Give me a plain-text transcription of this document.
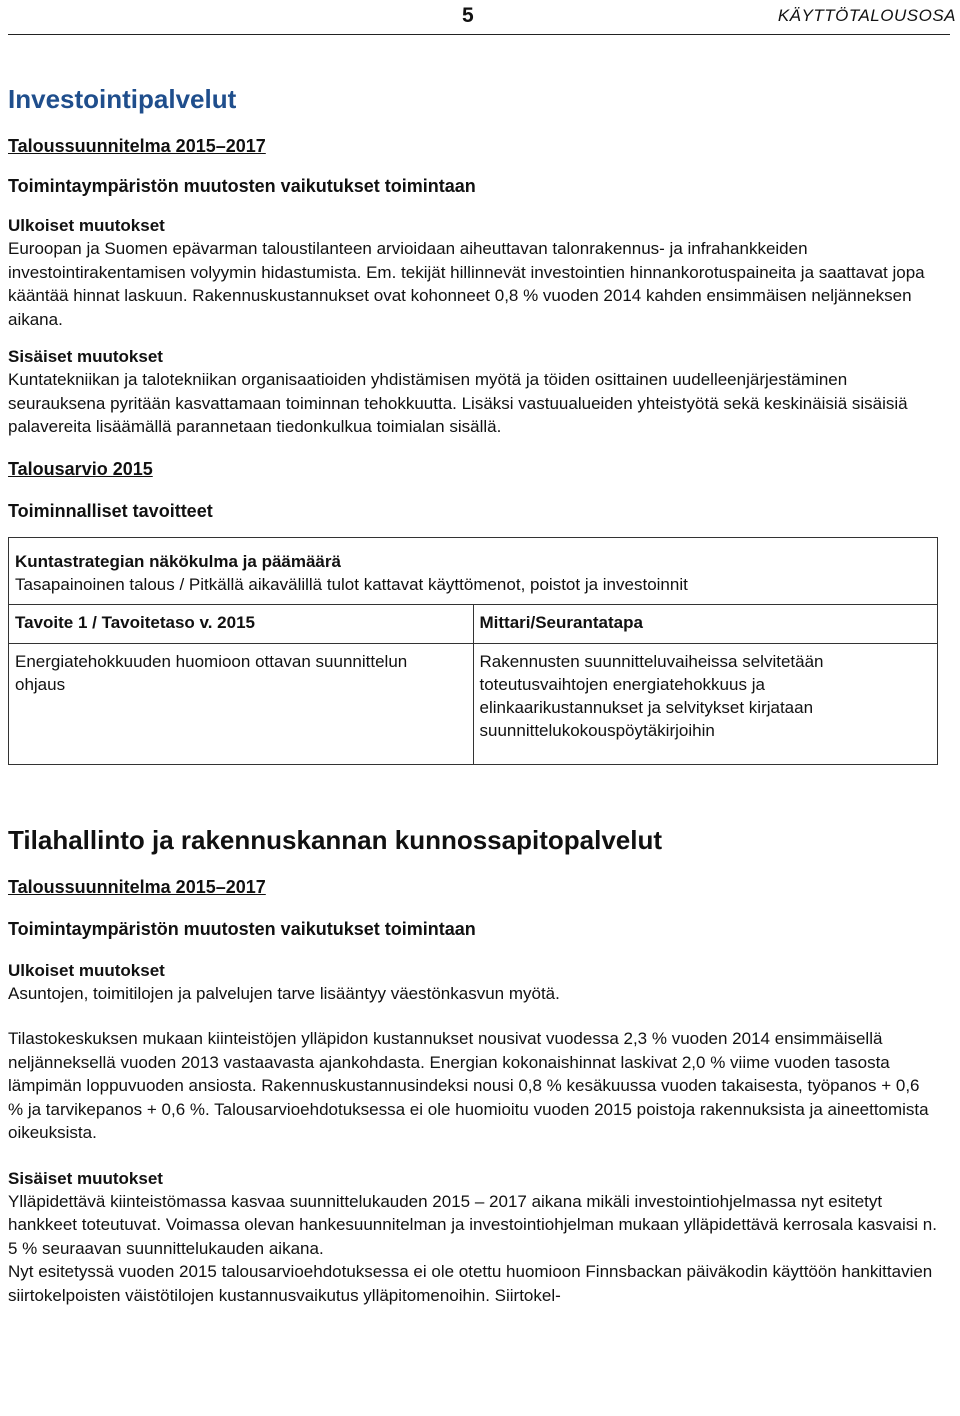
5	KÄYTTÖTALOUSOSA
Investointipalvelut
Taloussuunnitelma 2015–2017
Toimintaympäristön muutosten vaikutukset toimintaan
Ulkoiset muutokset

Euroopan ja Suomen epävarman taloustilanteen arvioidaan aiheuttavan talonrakennus- ja infrahankkeiden investointirakentamisen volyymin hidastumista. Em. tekijät hillinnevät investointien hinnankorotuspaineita ja saattavat jopa kääntää hinnat laskuun. Rakennuskustannukset ovat kohonneet 0,8 % vuoden 2014 kahden ensimmäisen neljänneksen aikana.

Sisäiset muutokset

Kuntatekniikan ja talotekniikan organisaatioiden yhdistämisen myötä ja töiden osittainen uudelleenjärjestäminen seurauksena pyritään kasvattamaan toiminnan tehokkuutta. Lisäksi vastuualueiden yhteistyötä sekä keskinäisiä sisäisiä palavereita lisäämällä parannetaan tiedonkulkua toimialan sisällä.

Talousarvio 2015
Toiminnalliset tavoitteet
Kuntastrategian näkökulma ja päämäärä
Tasapainoinen talous / Pitkällä aikavälillä tulot kattavat käyttömenot, poistot ja investoinnit	

Tavoite 1 / Tavoitetaso v. 2015	Mittari/Seurantatapa

Energiatehokkuuden huomioon ottavan suunnittelun ohjaus	Rakennusten suunnitteluvaiheissa selvitetään toteutusvaihtojen energiatehokkuus ja elinkaarikustannukset ja selvitykset kirjataan suunnittelukokouspöytäkirjoihin
Tilahallinto ja rakennuskannan kunnossapitopalvelut
Taloussuunnitelma 2015–2017
Toimintaympäristön muutosten vaikutukset toimintaan
Ulkoiset muutokset

Asuntojen, toimitilojen ja palvelujen tarve lisääntyy väestönkasvun myötä.

Tilastokeskuksen mukaan kiinteistöjen ylläpidon kustannukset nousivat vuodessa 2,3 % vuoden 2014 ensimmäisellä neljänneksellä vuoden 2013 vastaavasta ajankohdasta. Energian kokonaishinnat laskivat 2,0 % viime vuoden tasosta lämpimän loppuvuoden ansiosta. Rakennuskustannusindeksi nousi 0,8 % kesäkuussa vuoden takaisesta, työpanos + 0,6 % ja tarvikepanos + 0,6 %. Talousarvioehdotuksessa ei ole huomioitu vuoden 2015 poistoja rakennuksista ja aineettomista oikeuksista.

Sisäiset muutokset

Ylläpidettävä kiinteistömassa kasvaa suunnittelukauden 2015 – 2017 aikana mikäli investointiohjelmassa nyt esitetyt hankkeet toteutuvat. Voimassa olevan hankesuunnitelman ja investointiohjelman mukaan ylläpidettävä kerrosala kasvaisi n. 5 % seuraavan suunnittelukauden aikana.

Nyt esitetyssä vuoden 2015 talousarvioehdotuksessa ei ole otettu huomioon Finnsbackan päiväkodin käyttöön hankittavien siirtokelpoisten väistötilojen kustannusvaikutus ylläpitomenoihin. Siirtokel-
